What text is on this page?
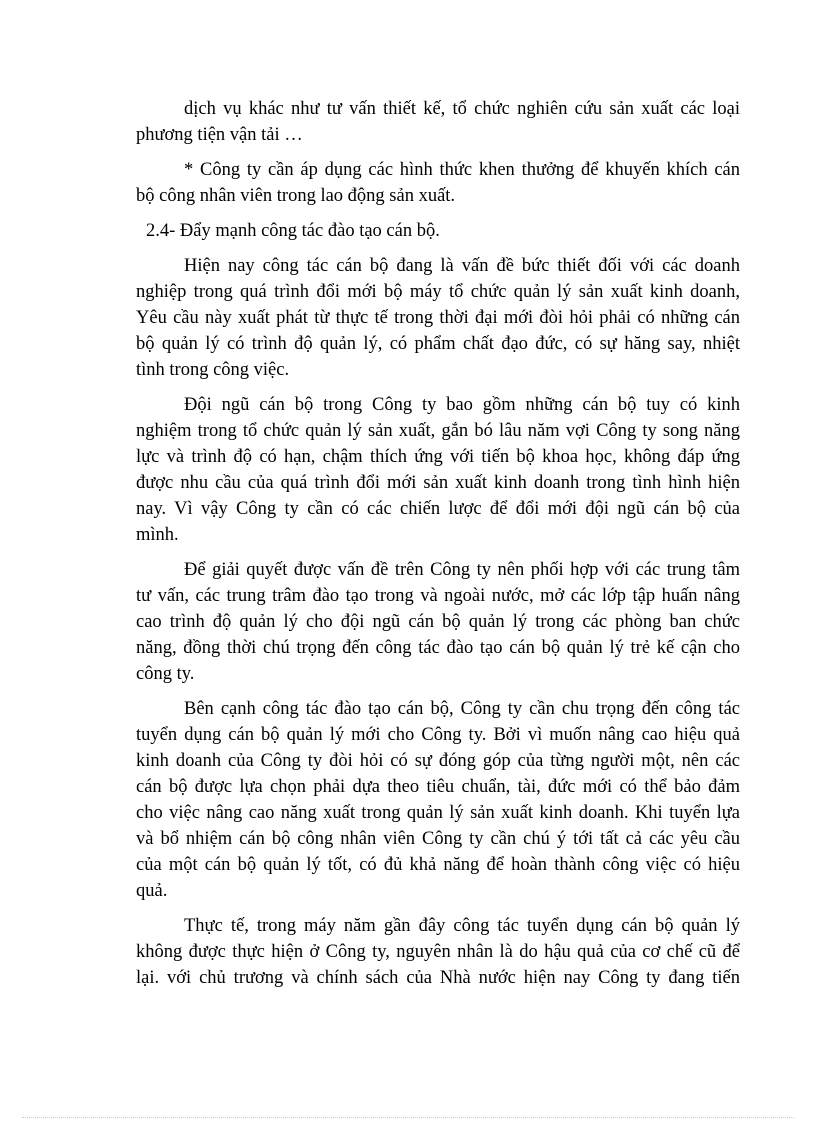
dịch vụ khác như tư vấn thiết kế, tổ chức nghiên cứu sản xuất các loại
phương tiện vận tải …

* Công ty cần áp dụng các hình thức khen thưởng để khuyến khích cán
bộ công nhân viên trong lao động sản xuất.

2.4- Đẩy mạnh công tác đào tạo cán bộ.

Hiện nay công tác cán bộ đang là vấn đề bức thiết đối với các doanh
nghiệp trong quá trình đổi mới bộ máy tổ chức quản lý sản xuất kinh doanh,
Yêu cầu này xuất phát từ thực tế trong thời đại mới đòi hỏi phải có những cán
bộ quản lý có trình độ quản lý, có phẩm chất đạo đức, có sự hăng say, nhiệt
tình trong công việc.

Đội ngũ cán bộ trong Công ty bao gồm những cán bộ tuy có kinh
nghiệm trong tổ chức quản lý sản xuất, gắn bó lâu năm vợi Công ty song năng
lực và trình độ có hạn, chậm thích ứng với tiến bộ khoa học, không đáp ứng
được nhu cầu của quá trình đổi mới sản xuất kinh doanh trong tình hình hiện
nay. Vì vậy Công ty cần có các chiến lược để đổi mới đội ngũ cán bộ của
mình.

Để giải quyết được vấn đề trên Công ty nên phối hợp với các trung tâm
tư vấn, các trung trâm đào tạo trong và ngoài nước, mở các lớp tập huấn nâng
cao trình độ quản lý cho đội ngũ cán bộ quản lý trong các phòng ban chức
năng, đồng thời chú trọng đến công tác đào tạo cán bộ quản lý trẻ kế cận cho
công ty.

Bên cạnh công tác đào tạo cán bộ, Công ty cần chu trọng đến công tác
tuyển dụng cán bộ quản lý mới cho Công ty. Bởi vì muốn nâng cao hiệu quả
kinh doanh của Công ty đòi hỏi có sự đóng góp của từng người một, nên các
cán bộ được lựa chọn phải dựa theo tiêu chuẩn, tài, đức mới có thể bảo đảm
cho việc nâng cao năng xuất trong quản lý sản xuất kinh doanh. Khi tuyển lựa
và bổ nhiệm cán bộ công nhân viên Công ty cần chú ý tới tất cả các yêu cầu
của một cán bộ quản lý tốt, có đủ khả năng để hoàn thành công việc có hiệu
quả.

Thực tế, trong máy năm gần đây công tác tuyển dụng cán bộ quản lý
không được thực hiện ở Công ty, nguyên nhân là do hậu quả của cơ chế cũ để
lại. với chủ trương và chính sách của Nhà nước hiện nay Công ty đang tiến
